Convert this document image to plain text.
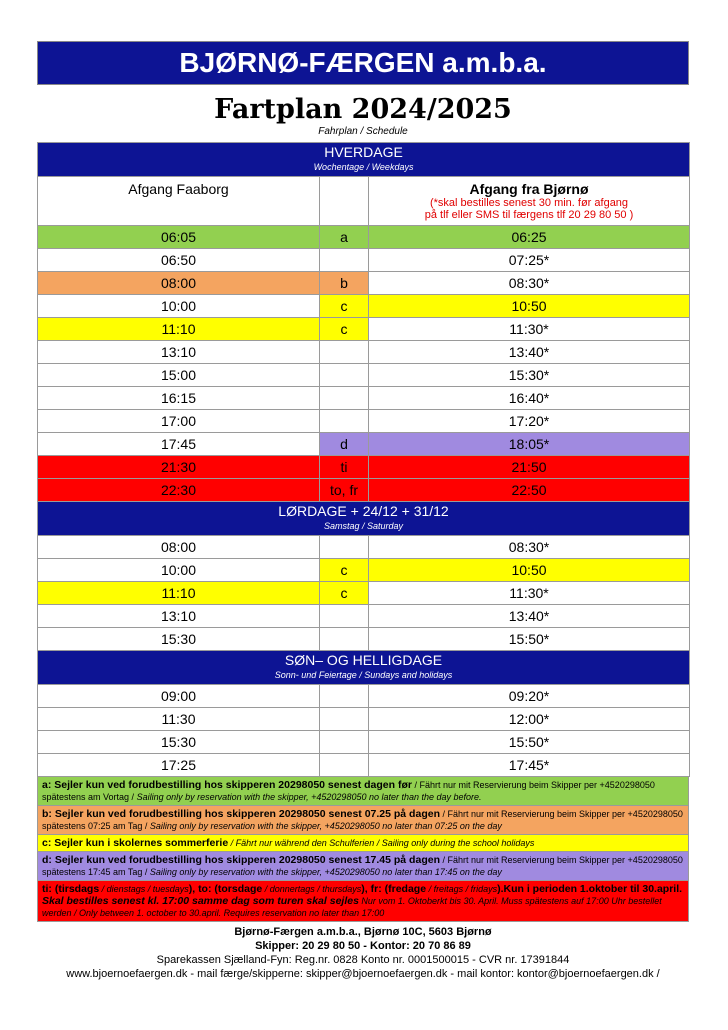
BJØRNØ-FÆRGEN a.m.b.a.
Fartplan 2024/2025
Fahrplan / Schedule
HVERDAGE
Wochentage / Weekdays		

Afgang Faaborg		Afgang fra Bjørnø
(*skal bestilles senest 30 min. før afgang
på tlf eller SMS til færgens tlf 20 29 80 50 )

06:05	a	06:25
06:50		07:25*
08:00	b	08:30*
10:00	c	10:50
11:10	c	11:30*
13:10		13:40*
15:00		15:30*
16:15		16:40*
17:00		17:20*
17:45	d	18:05*
21:30	ti	21:50
22:30	to, fr	22:50

LØRDAGE + 24/12 + 31/12
Samstag / Saturday		

08:00		08:30*
10:00	c	10:50
11:10	c	11:30*
13:10		13:40*
15:30		15:50*

SØN– OG HELLIGDAGE
Sonn- und Feiertage / Sundays and holidays		

09:00		09:20*
11:30		12:00*
15:30		15:50*
17:25		17:45*
a: Sejler kun ved forudbestilling hos skipperen 20298050 senest dagen før / Fährt nur mit Reservierung beim Skipper per +4520298050 spätestens am Vortag / Sailing only by reservation with the skipper, +4520298050 no later than the day before.
b: Sejler kun ved forudbestilling hos skipperen 20298050 senest 07.25 på dagen / Fährt nur mit Reservierung beim Skipper per +4520298050 spätestens 07:25 am Tag / Sailing only by reservation with the skipper, +4520298050 no later than 07:25 on the day
c: Sejler kun i skolernes sommerferie / Fährt nur während den Schulferien / Sailing only during the school holidays
d: Sejler kun ved forudbestilling hos skipperen 20298050 senest 17.45 på dagen / Fährt nur mit Reservierung beim Skipper per +4520298050 spätestens 17:45 am Tag / Sailing only by reservation with the skipper, +4520298050 no later than 17:45 on the day
ti: (tirsdags / dienstags / tuesdays), to: (torsdage / donnertags / thursdays), fr: (fredage / freitags / fridays).Kun i perioden 1.oktober til 30.april. Skal bestilles senest kl. 17:00 samme dag som turen skal sejles Nur vom 1. Oktoberkt bis 30. April. Muss spätestens auf 17:00 Uhr bestellet werden / Only between 1. october to 30.april. Requires reservation no later than 17:00
Bjørnø-Færgen a.m.b.a., Bjørnø 10C, 5603 Bjørnø
Skipper: 20 29 80 50 - Kontor: 20 70 86 89
Sparekassen Sjælland-Fyn: Reg.nr. 0828 Konto nr. 0001500015 - CVR nr. 17391844
www.bjoernoefaergen.dk - mail færge/skipperne: skipper@bjoernoefaergen.dk - mail kontor: kontor@bjoernoefaergen.dk /
